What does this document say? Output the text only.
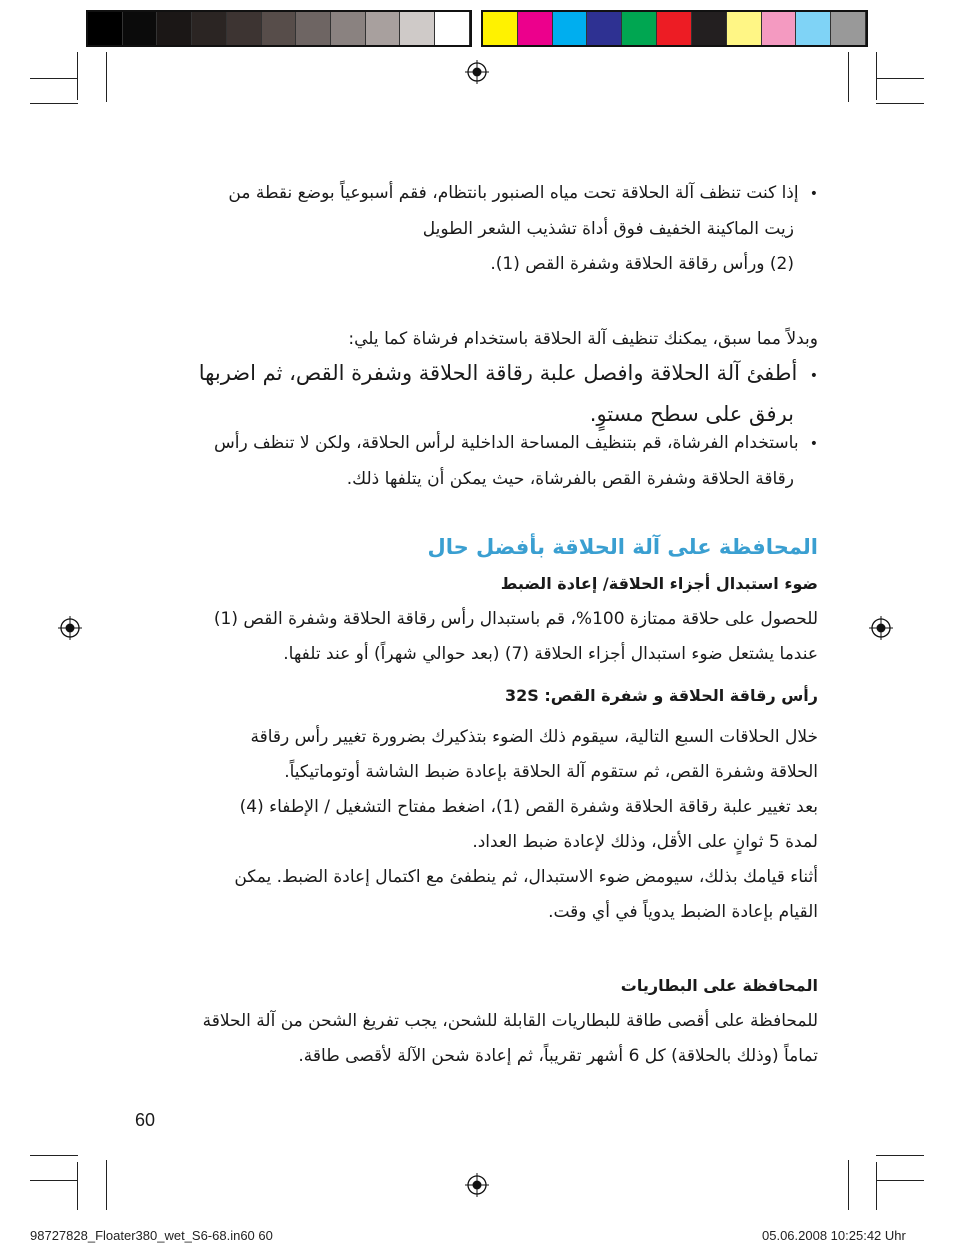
• إذا كنت تنظف آلة الحلاقة تحت مياه الصنبور بانتظام، فقم أسبوعياً بوضع نقطة من
زيت الماكينة الخفيف فوق أداة تشذيب الشعر الطويل
(2) ورأس رقاقة الحلاقة وشفرة القص (1).
وبدلاً مما سبق، يمكنك تنظيف آلة الحلاقة باستخدام فرشاة كما يلي:
• أطفئ آلة الحلاقة وافصل علبة رقاقة الحلاقة وشفرة القص، ثم اضربها
برفق على سطح مستوٍ.
• باستخدام الفرشاة، قم بتنظيف المساحة الداخلية لرأس الحلاقة، ولكن لا تنظف رأس
رقاقة الحلاقة وشفرة القص بالفرشاة، حيث يمكن أن يتلفها ذلك.
المحافظة على آلة الحلاقة بأفضل حال
ضوء استبدال أجزاء الحلاقة/ إعادة الضبط
للحصول على حلاقة ممتازة 100%، قم باستبدال رأس رقاقة الحلاقة وشفرة القص (1)
عندما يشتعل ضوء استبدال أجزاء الحلاقة (7) (بعد حوالي شهراً) أو عند تلفها.
رأس رقاقة الحلاقة و شفرة القص: 32S
خلال الحلاقات السبع التالية، سيقوم ذلك الضوء بتذكيرك بضرورة تغيير رأس رقاقة
الحلاقة وشفرة القص، ثم ستقوم آلة الحلاقة بإعادة ضبط الشاشة أوتوماتيكياً.
بعد تغيير علبة رقاقة الحلاقة وشفرة القص (1)، اضغط مفتاح التشغيل / الإطفاء (4)
لمدة 5 ثوانٍ على الأقل، وذلك لإعادة ضبط العداد.
أثناء قيامك بذلك، سيومض ضوء الاستبدال، ثم ينطفئ مع اكتمال إعادة الضبط. يمكن
القيام بإعادة الضبط يدوياً في أي وقت.
المحافظة على البطاريات
للمحافظة على أقصى طاقة للبطاريات القابلة للشحن، يجب تفريغ الشحن من آلة الحلاقة
تماماً (وذلك بالحلاقة) كل 6 أشهر تقريباً، ثم إعادة شحن الآلة لأقصى طاقة.
60
98727828_Floater380_wet_S6-68.in60 60	05.06.2008 10:25:42 Uhr
